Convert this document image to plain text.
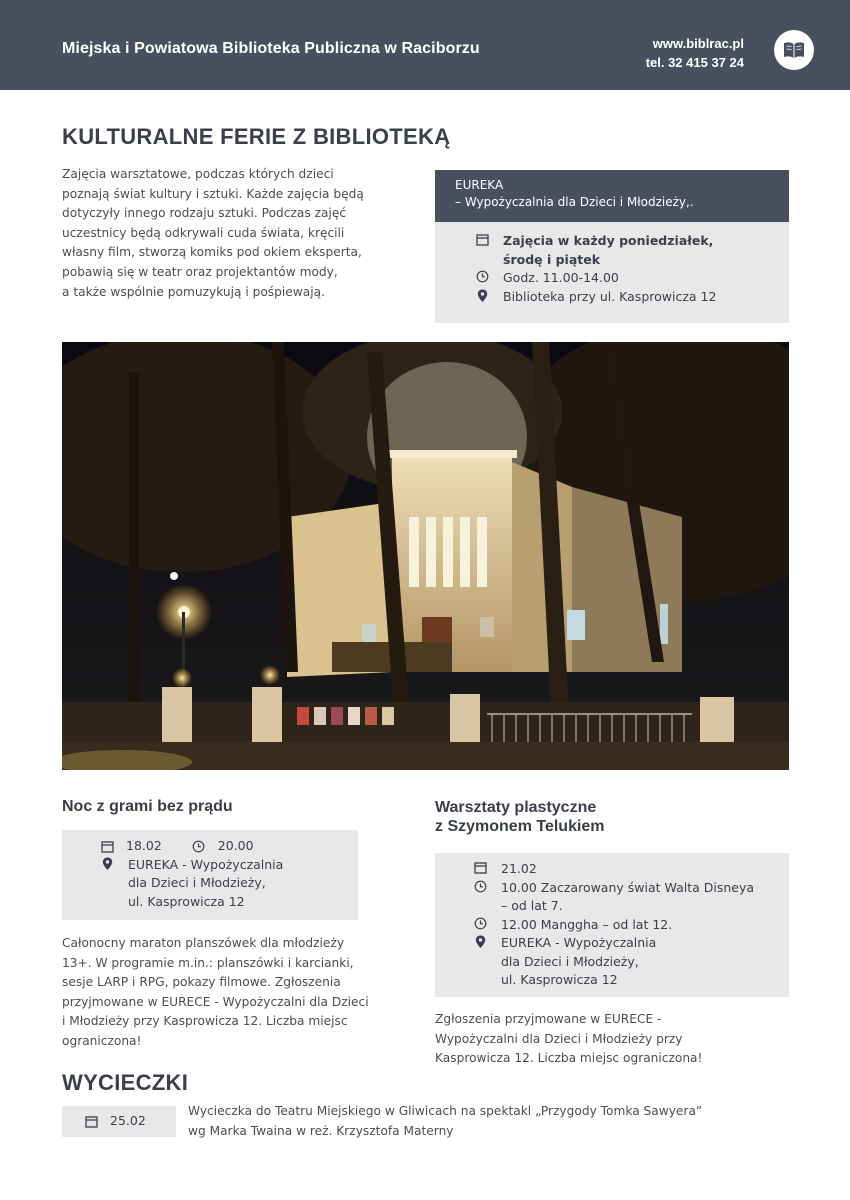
Miejska i Powiatowa Biblioteka Publiczna w Raciborzu	www.biblrac.pl
tel. 32 415 37 24
KULTURALNE FERIE Z BIBLIOTEKĄ
Zajęcia warsztatowe, podczas których dzieci
poznają świat kultury i sztuki. Każde zajęcia będą
dotyczyły innego rodzaju sztuki. Podczas zajęć
uczestnicy będą odkrywali cuda świata, kręcili
własny film, stworzą komiks pod okiem eksperta,
pobawią się w teatr oraz projektantów mody,
a także wspólnie pomuzykują i pośpiewają.
EUREKA
– Wypożyczalnia dla Dzieci i Młodzieży,.
Zajęcia w każdy poniedziałek,
środę i piątek
Godz. 11.00-14.00
Biblioteka przy ul. Kasprowicza 12
Noc z grami bez prądu
18.02	20.00
EUREKA - Wypożyczalnia
dla Dzieci i Młodzieży,
ul. Kasprowicza 12
Całonocny maraton planszówek dla młodzieży
13+. W programie m.in.: planszówki i karcianki,
sesje LARP i RPG, pokazy filmowe. Zgłoszenia
przyjmowane w EURECE - Wypożyczalni dla Dzieci
i Młodzieży przy Kasprowicza 12. Liczba miejsc
ograniczona!
Warsztaty plastyczne
z Szymonem Telukiem
21.02
10.00 Zaczarowany świat Walta Disneya
– od lat 7.
12.00 Manggha – od lat 12.
EUREKA - Wypożyczalnia
dla Dzieci i Młodzieży,
ul. Kasprowicza 12
Zgłoszenia przyjmowane w EURECE -
Wypożyczalni dla Dzieci i Młodzieży przy
Kasprowicza 12. Liczba miejsc ograniczona!
WYCIECZKI
25.02
Wycieczka do Teatru Miejskiego w Gliwicach na spektakl „Przygody Tomka Sawyera”
wg Marka Twaina w reż. Krzysztofa Materny
